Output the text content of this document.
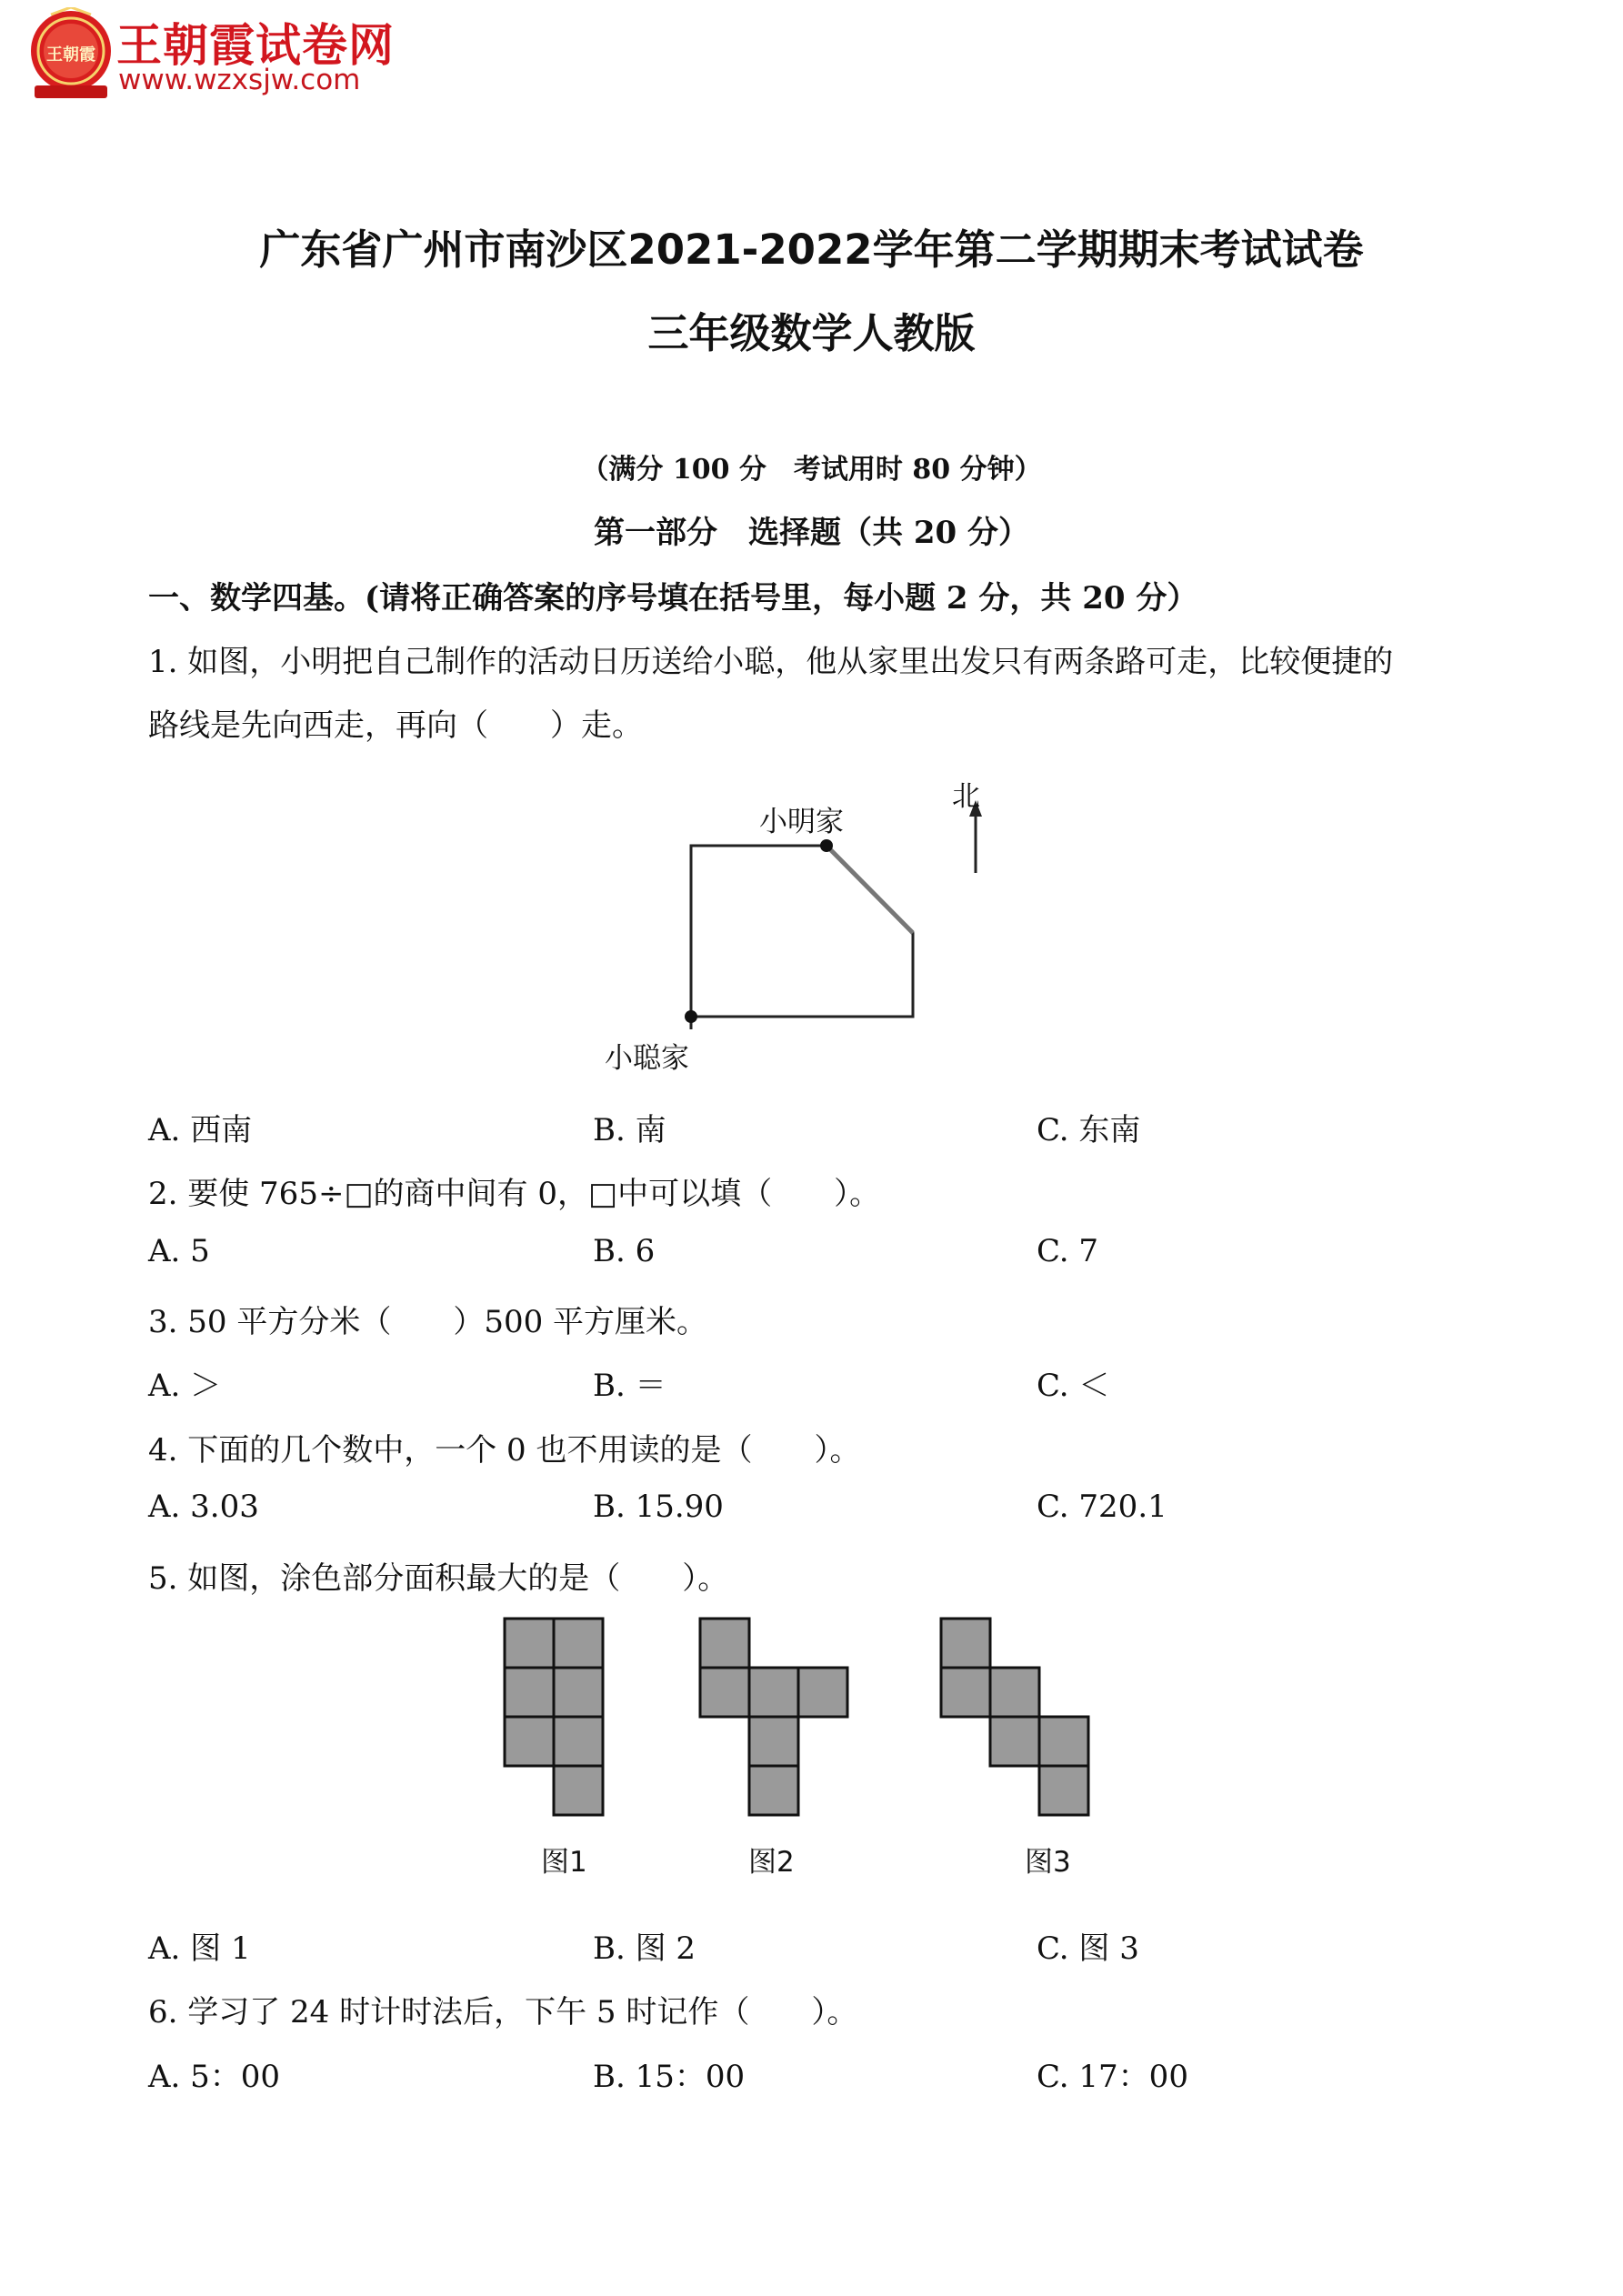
王朝霞 王朝霞试卷网
www.wzxsjw.com
广东省广州市南沙区2021-2022学年第二学期期末考试试卷
三年级数学人教版
（满分 100 分　考试用时 80 分钟）
第一部分　选择题（共 20 分）
一、数学四基。(请将正确答案的序号填在括号里，每小题 2 分，共 20 分）
1. 如图，小明把自己制作的活动日历送给小聪，他从家里出发只有两条路可走，比较便捷的
路线是先向西走，再向（　　）走。
北
小明家
小聪家
A. 西南	B. 南	C. 东南
2. 要使 765÷□的商中间有 0，□中可以填（　　）。
A. 5	B. 6	C. 7
3. 50 平方分米（　　）500 平方厘米。
A. ＞	B. ＝	C. ＜
4. 下面的几个数中，一个 0 也不用读的是（　　）。
A. 3.03	B. 15.90	C. 720.1
5. 如图，涂色部分面积最大的是（　　）。
图1	图2	图3
A. 图 1	B. 图 2	C. 图 3
6. 学习了 24 时计时法后，下午 5 时记作（　　）。
A. 5：00	B. 15：00	C. 17：00
